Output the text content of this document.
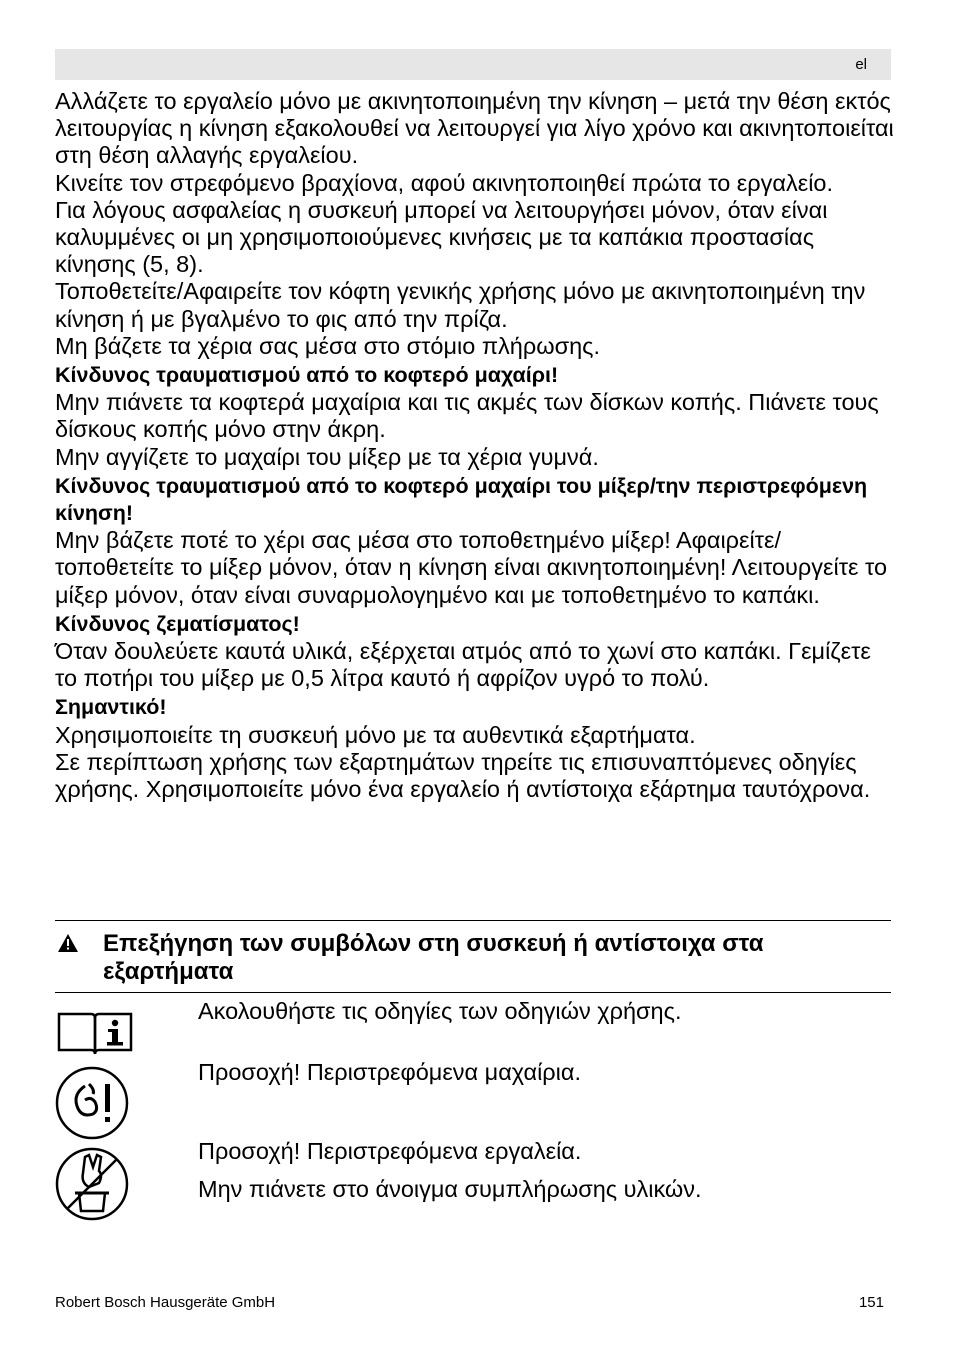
el

Αλλάζετε το εργαλείο μόνο με ακινητοποιημένη την κίνηση – μετά την θέση εκτός λειτουργίας η κίνηση εξακολουθεί να λειτουργεί για λίγο χρόνο και ακινητοποιείται στη θέση αλλαγής εργαλείου.

Κινείτε τον στρεφόμενο βραχίονα, αφού ακινητοποιηθεί πρώτα το εργαλείο.

Για λόγους ασφαλείας η συσκευή μπορεί να λειτουργήσει μόνον, όταν είναι καλυμμένες οι μη χρησιμοποιούμενες κινήσεις με τα καπάκια προστασίας κίνησης (5, 8).

Τοποθετείτε/Αφαιρείτε τον κόφτη γενικής χρήσης μόνο με ακινητοποιημένη την κίνηση ή με βγαλμένο το φις από την πρίζα.

Μη βάζετε τα χέρια σας μέσα στο στόμιο πλήρωσης.

Κίνδυνος τραυματισμού από το κοφτερό μαχαίρι!

Μην πιάνετε τα κοφτερά μαχαίρια και τις ακμές των δίσκων κοπής. Πιάνετε τους δίσκους κοπής μόνο στην άκρη.

Μην αγγίζετε το μαχαίρι του μίξερ με τα χέρια γυμνά.

Κίνδυνος τραυματισμού από το κοφτερό μαχαίρι του μίξερ/την περιστρεφόμενη κίνηση!

Μην βάζετε ποτέ το χέρι σας μέσα στο τοποθετημένο μίξερ! Αφαιρείτε/τοποθετείτε το μίξερ μόνον, όταν η κίνηση είναι ακινητοποιημένη! Λειτουργείτε το μίξερ μόνον, όταν είναι συναρμολογημένο και με τοποθετημένο το καπάκι.

Κίνδυνος ζεματίσματος!

Όταν δουλεύετε καυτά υλικά, εξέρχεται ατμός από το χωνί στο καπάκι. Γεμίζετε το ποτήρι του μίξερ με 0,5 λίτρα καυτό ή αφρίζον υγρό το πολύ.

Σημαντικό!

Χρησιμοποιείτε τη συσκευή μόνο με τα αυθεντικά εξαρτήματα.

Σε περίπτωση χρήσης των εξαρτημάτων τηρείτε τις επισυναπτόμενες οδηγίες χρήσης. Χρησιμοποιείτε μόνο ένα εργαλείο ή αντίστοιχα εξάρτημα ταυτόχρονα.

Επεξήγηση των συμβόλων στη συσκευή ή αντίστοιχα στα εξαρτήματα
Ακολουθήστε τις οδηγίες των οδηγιών χρήσης.
Προσοχή! Περιστρεφόμενα μαχαίρια.
Προσοχή! Περιστρεφόμενα εργαλεία.
Μην πιάνετε στο άνοιγμα συμπλήρωσης υλικών.
Robert Bosch Hausgeräte GmbH	151
